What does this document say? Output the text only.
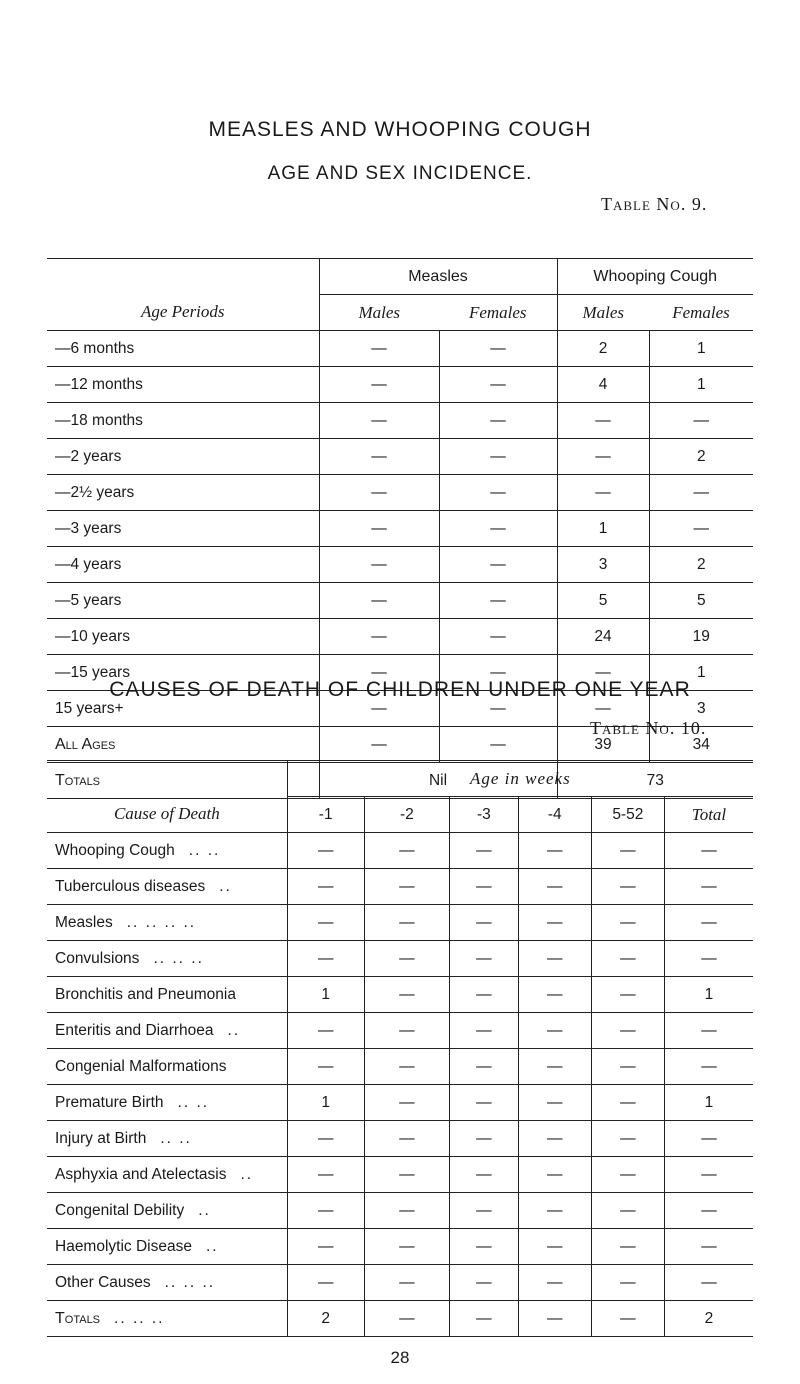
MEASLES AND WHOOPING COUGH
AGE AND SEX INCIDENCE.
Table No. 9.

Age Periods	Measles		Whooping Cough	
	Males	Females	Males	Females
—6 months	—	—	2	1
—12 months	—	—	4	1
—18 months	—	—	—	—
—2 years	—	—	—	2
—2½ years	—	—	—	—
—3 years	—	—	1	—
—4 years	—	—	3	2
—5 years	—	—	5	5
—10 years	—	—	24	19
—15 years	—	—	—	1
15 years+	—	—	—	3
All Ages	—	—	39	34
Totals	Nil		73	
CAUSES OF DEATH OF CHILDREN UNDER ONE YEAR
Table No. 10.

Cause of Death	Age in weeks					
	-1	-2	-3	-4	5-52	Total
Whooping Cough .. ..	—	—	—	—	—	—
Tuberculous diseases ..	—	—	—	—	—	—
Measles .. .. .. ..	—	—	—	—	—	—
Convulsions .. .. ..	—	—	—	—	—	—
Bronchitis and Pneumonia	1	—	—	—	—	1
Enteritis and Diarrhoea ..	—	—	—	—	—	—
Congenial Malformations	—	—	—	—	—	—
Premature Birth .. ..	1	—	—	—	—	1
Injury at Birth .. ..	—	—	—	—	—	—
Asphyxia and Atelectasis ..	—	—	—	—	—	—
Congenital Debility ..	—	—	—	—	—	—
Haemolytic Disease ..	—	—	—	—	—	—
Other Causes .. .. ..	—	—	—	—	—	—
Totals .. .. ..	2	—	—	—	—	2
28
